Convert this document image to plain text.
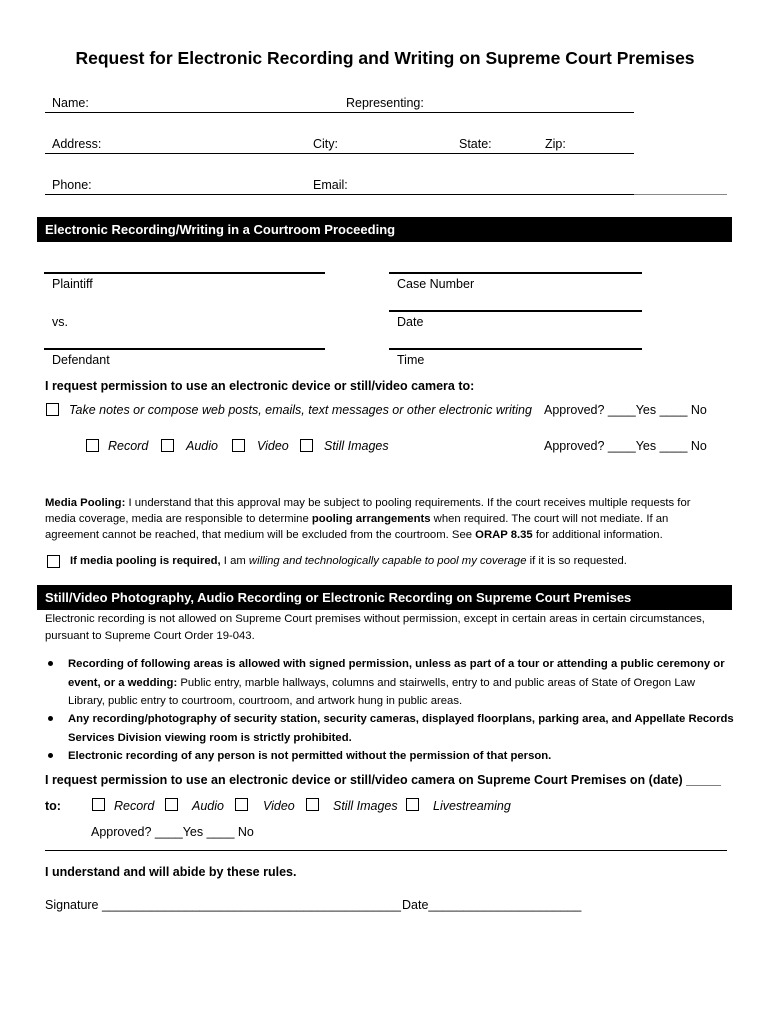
Request for Electronic Recording and Writing on Supreme Court Premises
Name:	Representing:
Address:	City:	State:	Zip:
Phone:	Email:
Electronic Recording/Writing in a Courtroom Proceeding
Plaintiff	Case Number
vs.	Date
Defendant	Time
I request permission to use an electronic device or still/video camera to:
Take notes or compose web posts, emails, text messages or other electronic writing Approved? ____Yes ____ No
Record	Audio	Video	Still Images	Approved? ____Yes ____ No
Media Pooling: I understand that this approval may be subject to pooling requirements. If the court receives multiple requests for
media coverage, media are responsible to determine pooling arrangements when required. The court will not mediate. If an
agreement cannot be reached, that medium will be excluded from the courtroom. See ORAP 8.35 for additional information.
If media pooling is required, I am willing and technologically capable to pool my coverage if it is so requested.
Still/Video Photography, Audio Recording or Electronic Recording on Supreme Court Premises
Electronic recording is not allowed on Supreme Court premises without permission, except in certain areas in certain circumstances,
pursuant to Supreme Court Order 19-043.
Recording of following areas is allowed with signed permission, unless as part of a tour or attending a public ceremony or
event, or a wedding: Public entry, marble hallways, columns and stairwells, entry to and public areas of State of Oregon Law
Library, public entry to courtroom, courtroom, and artwork hung in public areas.
Any recording/photography of security station, security cameras, displayed floorplans, parking area, and Appellate Records
Services Division viewing room is strictly prohibited.
Electronic recording of any person is not permitted without the permission of that person.
I request permission to use an electronic device or still/video camera on Supreme Court Premises on (date) _____
to:	Record	Audio	Video	Still Images	Livestreaming
Approved? ____Yes ____ No
I understand and will abide by these rules.
Signature ___________________________________________ Date______________________
